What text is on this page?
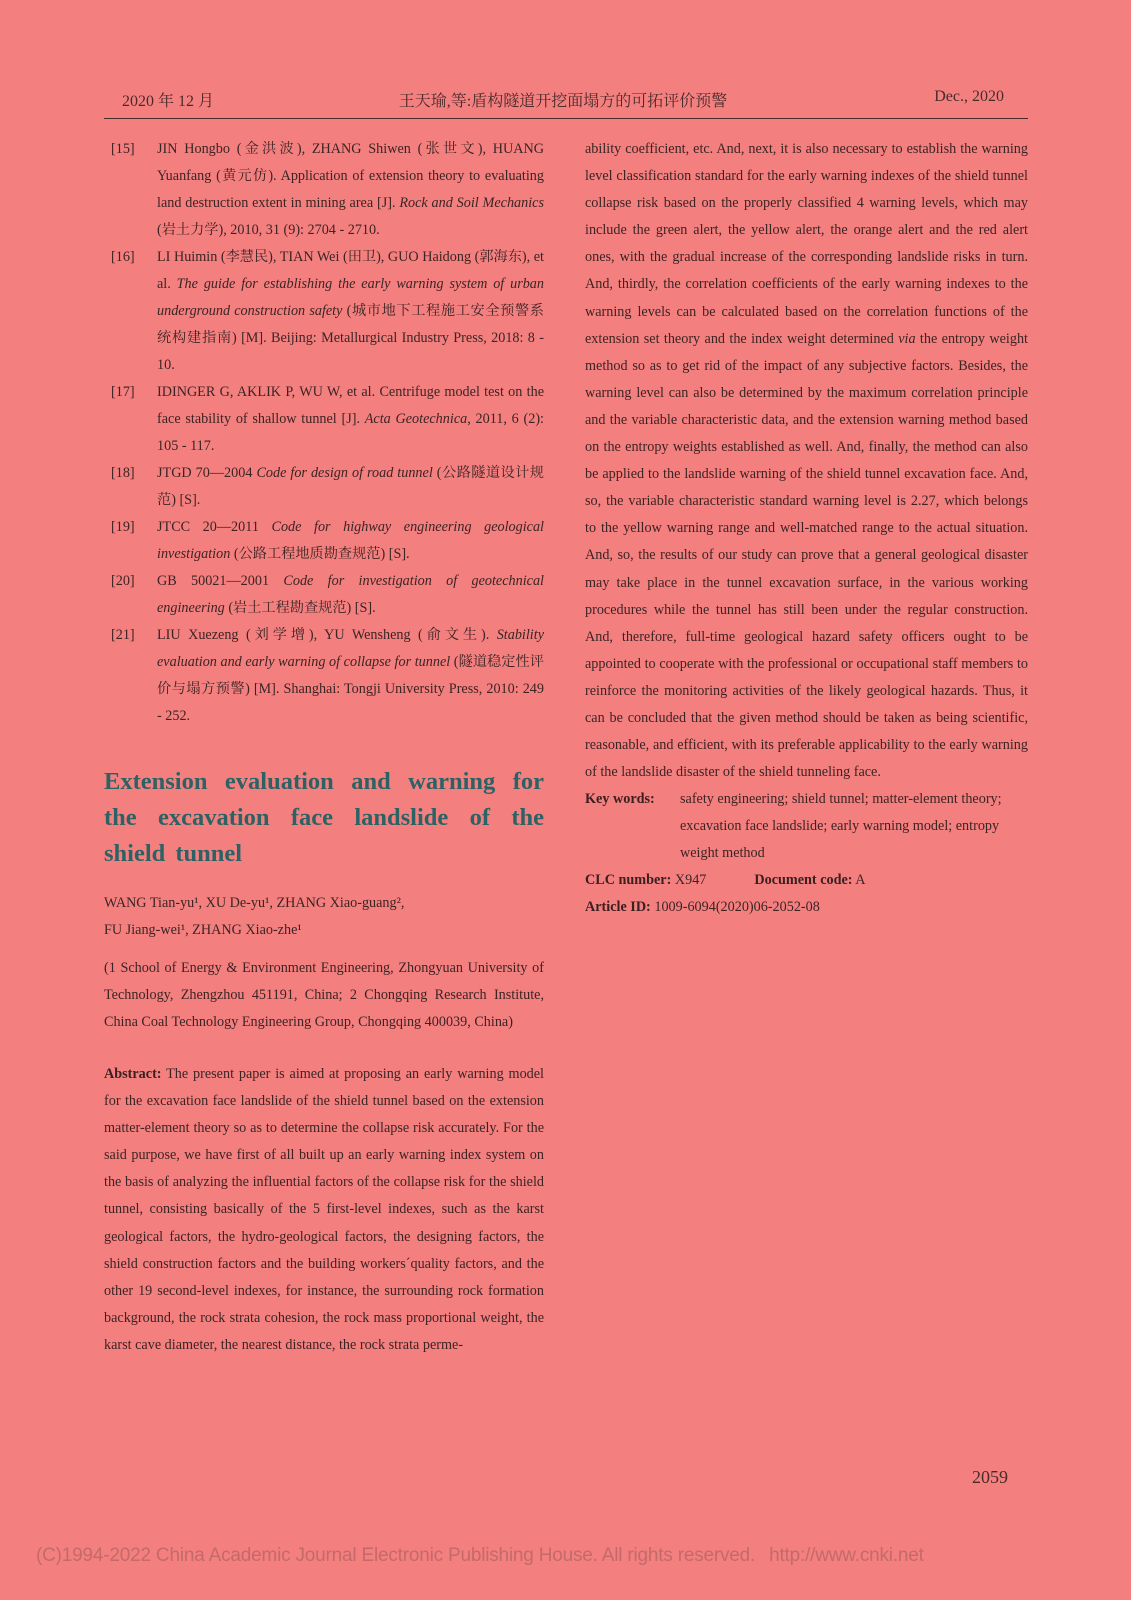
2020 年 12 月	王天瑜,等:盾构隧道开挖面塌方的可拓评价预警	Dec., 2020
[15] JIN Hongbo (金洪波), ZHANG Shiwen (张世文), HUANG Yuanfang (黄元仿). Application of extension theory to evaluating land destruction extent in mining area [J]. Rock and Soil Mechanics (岩土力学), 2010, 31 (9): 2704 - 2710.
[16] LI Huimin (李慧民), TIAN Wei (田卫), GUO Haidong (郭海东), et al. The guide for establishing the early warning system of urban underground construction safety (城市地下工程施工安全预警系统构建指南) [M]. Beijing: Metallurgical Industry Press, 2018: 8 - 10.
[17] IDINGER G, AKLIK P, WU W, et al. Centrifuge model test on the face stability of shallow tunnel [J]. Acta Geotechnica, 2011, 6 (2): 105 - 117.
[18] JTGD 70—2004 Code for design of road tunnel (公路隧道设计规范) [S].
[19] JTCC 20—2011 Code for highway engineering geological investigation (公路工程地质勘查规范) [S].
[20] GB 50021—2001 Code for investigation of geotechnical engineering (岩土工程勘查规范) [S].
[21] LIU Xuezeng (刘学增), YU Wensheng (俞文生). Stability evaluation and early warning of collapse for tunnel (隧道稳定性评价与塌方预警) [M]. Shanghai: Tongji University Press, 2010: 249 - 252.
Extension evaluation and warning for the excavation face landslide of the shield tunnel
WANG Tian-yu¹, XU De-yu¹, ZHANG Xiao-guang²,
FU Jiang-wei¹, ZHANG Xiao-zhe¹
(1 School of Energy & Environment Engineering, Zhongyuan University of Technology, Zhengzhou 451191, China; 2 Chongqing Research Institute, China Coal Technology Engineering Group, Chongqing 400039, China)
Abstract: The present paper is aimed at proposing an early warning model for the excavation face landslide of the shield tunnel based on the extension matter-element theory so as to determine the collapse risk accurately. For the said purpose, we have first of all built up an early warning index system on the basis of analyzing the influential factors of the collapse risk for the shield tunnel, consisting basically of the 5 first-level indexes, such as the karst geological factors, the hydro-geological factors, the designing factors, the shield construction factors and the building workers´quality factors, and the other 19 second-level indexes, for instance, the surrounding rock formation background, the rock strata cohesion, the rock mass proportional weight, the karst cave diameter, the nearest distance, the rock strata perme-

ability coefficient, etc. And, next, it is also necessary to establish the warning level classification standard for the early warning indexes of the shield tunnel collapse risk based on the properly classified 4 warning levels, which may include the green alert, the yellow alert, the orange alert and the red alert ones, with the gradual increase of the corresponding landslide risks in turn. And, thirdly, the correlation coefficients of the early warning indexes to the warning levels can be calculated based on the correlation functions of the extension set theory and the index weight determined via the entropy weight method so as to get rid of the impact of any subjective factors. Besides, the warning level can also be determined by the maximum correlation principle and the variable characteristic data, and the extension warning method based on the entropy weights established as well. And, finally, the method can also be applied to the landslide warning of the shield tunnel excavation face. And, so, the variable characteristic standard warning level is 2.27, which belongs to the yellow warning range and well-matched range to the actual situation. And, so, the results of our study can prove that a general geological disaster may take place in the tunnel excavation surface, in the various working procedures while the tunnel has still been under the regular construction. And, therefore, full-time geological hazard safety officers ought to be appointed to cooperate with the professional or occupational staff members to reinforce the monitoring activities of the likely geological hazards. Thus, it can be concluded that the given method should be taken as being scientific, reasonable, and efficient, with its preferable applicability to the early warning of the landslide disaster of the shield tunneling face.

Key words: safety engineering; shield tunnel; matter-element theory; excavation face landslide; early warning model; entropy weight method
CLC number: X947	Document code: A
Article ID: 1009-6094(2020)06-2052-08
2059
(C)1994-2022 China Academic Journal Electronic Publishing House. All rights reserved. http://www.cnki.net
